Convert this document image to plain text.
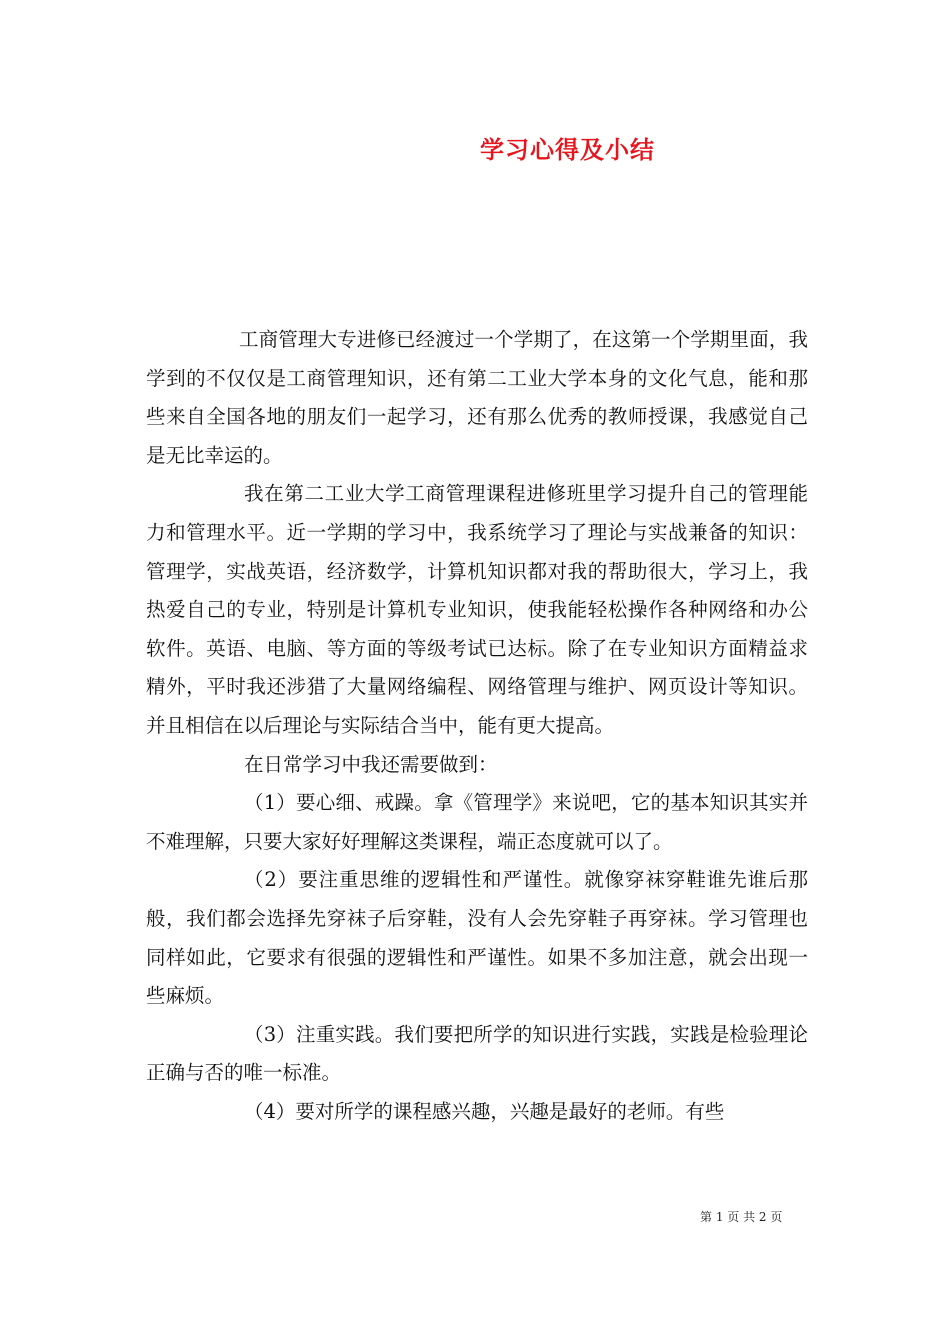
学习心得及小结

工商管理大专进修已经渡过一个学期了，在这第一个学期里面，我学到的不仅仅是工商管理知识，还有第二工业大学本身的文化气息，能和那些来自全国各地的朋友们一起学习，还有那么优秀的教师授课，我感觉自己是无比幸运的。

我在第二工业大学工商管理课程进修班里学习提升自己的管理能力和管理水平。近一学期的学习中，我系统学习了理论与实战兼备的知识：管理学，实战英语，经济数学，计算机知识都对我的帮助很大，学习上，我热爱自己的专业，特别是计算机专业知识，使我能轻松操作各种网络和办公软件。英语、电脑、等方面的等级考试已达标。除了在专业知识方面精益求精外，平时我还涉猎了大量网络编程、网络管理与维护、网页设计等知识。并且相信在以后理论与实际结合当中，能有更大提高。

在日常学习中我还需要做到：

（1）要心细、戒躁。拿《管理学》来说吧，它的基本知识其实并不难理解，只要大家好好理解这类课程，端正态度就可以了。

（2）要注重思维的逻辑性和严谨性。就像穿袜穿鞋谁先谁后那般，我们都会选择先穿袜子后穿鞋，没有人会先穿鞋子再穿袜。学习管理也同样如此，它要求有很强的逻辑性和严谨性。如果不多加注意，就会出现一些麻烦。

（3）注重实践。我们要把所学的知识进行实践，实践是检验理论正确与否的唯一标准。

（4）要对所学的课程感兴趣，兴趣是最好的老师。有些

第 1 页 共 2 页
